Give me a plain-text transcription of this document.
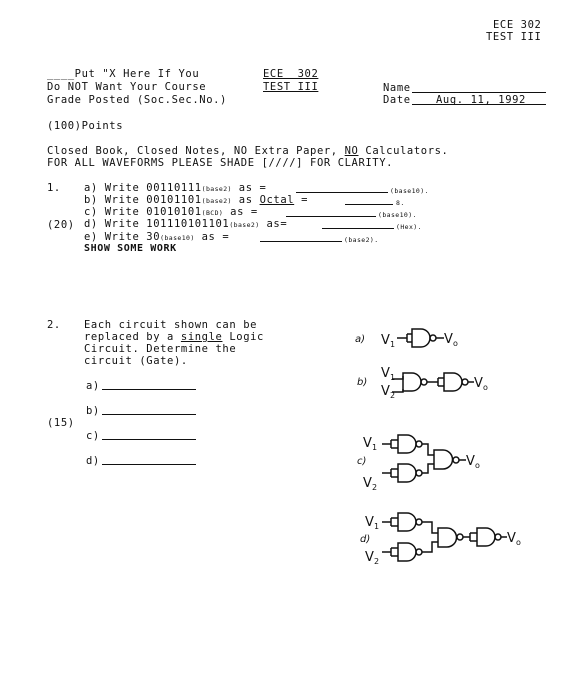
ECE 302
TEST III
____Put "X Here If You
Do NOT Want Your Course
Grade Posted (Soc.Sec.No.)
ECE  302
TEST III	Name
Date Aug. 11, 1992
(100)Points
Closed Book, Closed Notes, NO Extra Paper, NO Calculators.
FOR ALL WAVEFORMS PLEASE SHADE [////] FOR CLARITY.
1.
(20)
a) Write 00110111(base2) as =	(base10).
b) Write 00101101(base2) as Octal =	8.
c) Write 01010101(BCD) as =	(base10).
d) Write 101110101101(base2) as=	(Hex).
e) Write 30(base10) as =	(base2).
SHOW SOME WORK
2. Each circuit shown can be
replaced by a single Logic
Circuit. Determine the
circuit (Gate).
(15)
a)
b)
c)
d)
a) V 1	V o
b)
V 1
V 2
V o
c)
V 1
V 2
V o
d)
V 1
V 2
V o
